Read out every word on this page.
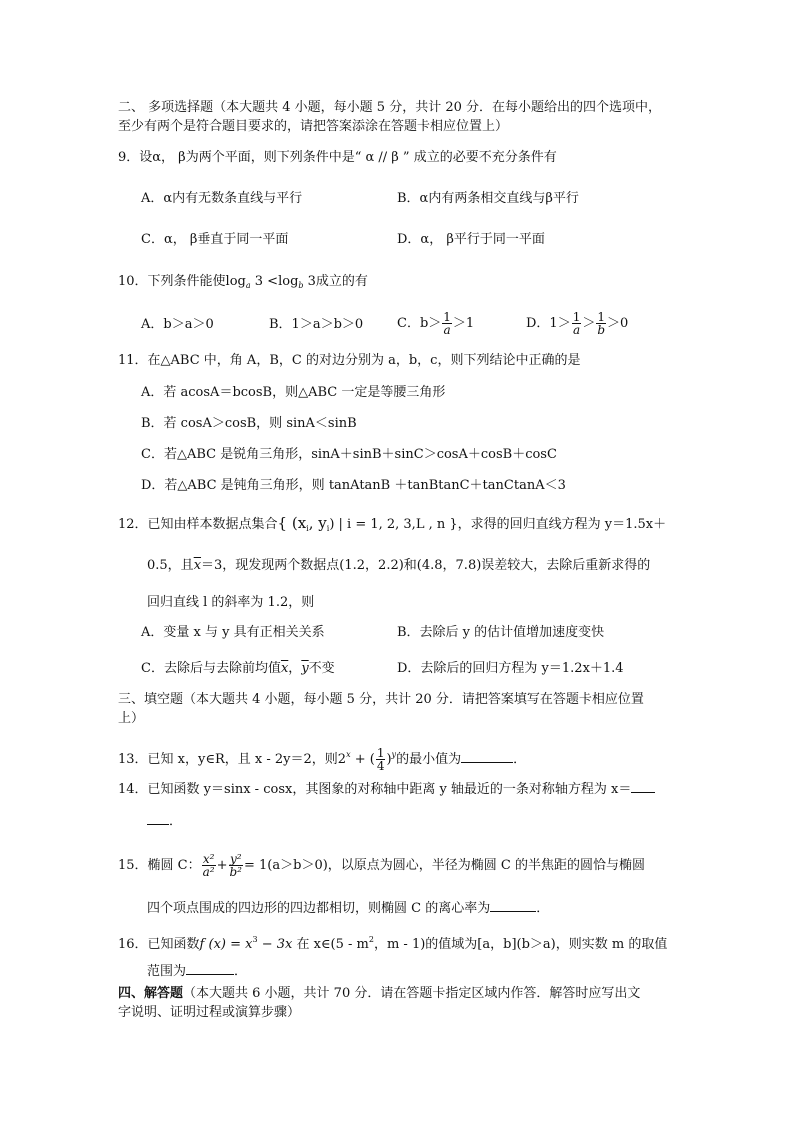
二、 多项选择题（本大题共 4 小题，每小题 5 分，共计 20 分．在每小题给出的四个选项中，
至少有两个是符合题目要求的，请把答案添涂在答题卡相应位置上）
9．设α， β为两个平面，则下列条件中是“ α // β ” 成立的必要不充分条件有
A．α内有无数条直线与平行	B．α内有两条相交直线与β平行
C．α， β垂直于同一平面	D．α， β平行于同一平面
10．下列条件能使$\log_a 3 <\log_b$ 3成立的有
A．b＞a＞0	B．1＞a＞b＞0	C．$b> \frac{1}{a} >1$	D．$1> \frac{1}{a} > \frac{1}{b} >0$
11．在△ABC 中，角 A，B，C 的对边分别为 a，b，c，则下列结论中正确的是
A．若 acosA＝bcosB，则△ABC 一定是等腰三角形
B．若 cosA＞cosB，则 sinA＜sinB
C．若△ABC 是锐角三角形，sinA＋sinB＋sinC＞cosA＋cosB＋cosC
D．若△ABC 是钝角三角形，则 tanAtanB ＋tanBtanC＋tanCtanA＜3
12．已知由样本数据点集合{ ($x_i$, $y_i$) | i = 1, 2, 3,L , n }，求得的回归直线方程为 y＝1.5x＋
0.5，且$\overline{x}=3$，现发现两个数据点(1.2，2.2)和(4.8，7.8)误差较大，去除后重新求得的
回归直线 l 的斜率为 1.2，则
A．变量 x 与 y 具有正相关关系	B．去除后 y 的估计值增加速度变快
C．去除后与去除前均值$\overline{x}$，$\overline{y}$不变	D．去除后的回归方程为 y＝1.2x＋1.4
三、填空题（本大题共 4 小题，每小题 5 分，共计 20 分．请把答案填写在答题卡相应位置
上）
13．已知 x，y∈R，且 x - 2y＝2，则$2^x$ + ( $\frac{1}{4} )^y$的最小值为	．
14．已知函数 y＝sinx - cosx，其图象的对称轴中距离 y 轴最近的一条对称轴方程为 x＝
．
15．椭圆 C： $\frac{\text{x²}}{\text{a²}} + \frac{\text{y²}}{\text{b²}} = 1(a>b>0)$，以原点为圆心，半径为椭圆 C 的半焦距的圆恰与椭圆
四个项点围成的四边形的四边都相切，则椭圆 C 的离心率为	．
16．已知函数f $(x) = x^3 - 3x$ 在 x∈(5 - $m^2$，m - 1)的值域为[a，b](b＞a)，则实数 m 的取值
范围为	．
四、解答题（本大题共 6 小题，共计 70 分．请在答题卡指定区域内作答．解答时应写出文
字说明、证明过程或演算步骤）
